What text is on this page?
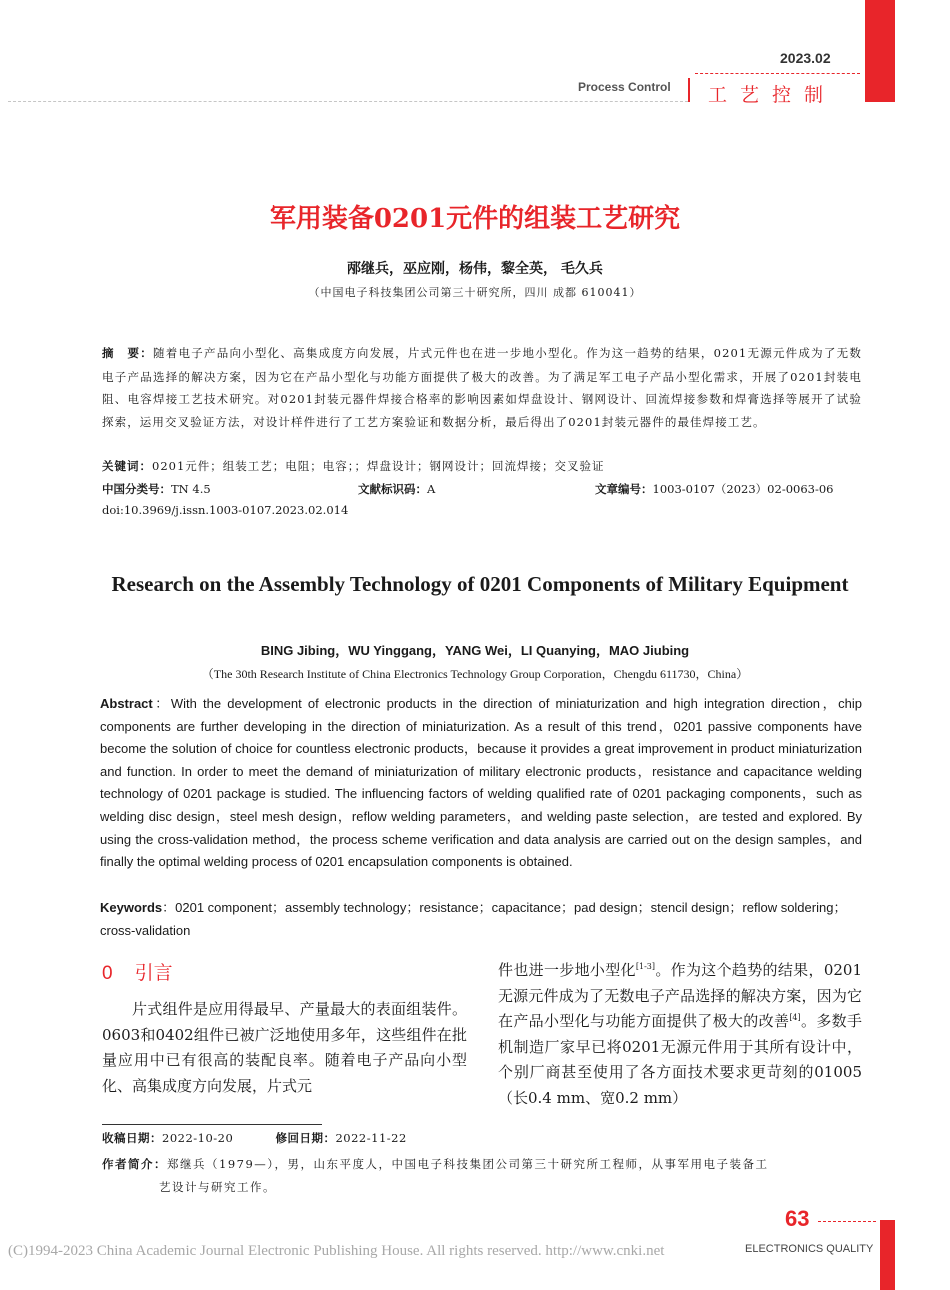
2023.02
Process Control 工艺控制
军用装备0201元件的组装工艺研究
邴继兵，巫应刚，杨伟，黎全英， 毛久兵
（中国电子科技集团公司第三十研究所，四川 成都 610041）
摘　要：随着电子产品向小型化、高集成度方向发展，片式元件也在进一步地小型化。作为这一趋势的结果，0201无源元件成为了无数电子产品选择的解决方案，因为它在产品小型化与功能方面提供了极大的改善。为了满足军工电子产品小型化需求，开展了0201封装电阻、电容焊接工艺技术研究。对0201封装元器件焊接合格率的影响因素如焊盘设计、钢网设计、回流焊接参数和焊膏选择等展开了试验探索，运用交叉验证方法，对设计样件进行了工艺方案验证和数据分析，最后得出了0201封装元器件的最佳焊接工艺。
关键词：0201元件；组装工艺；电阻；电容；；焊盘设计；钢网设计；回流焊接；交叉验证
中国分类号：TN 4.5	文献标识码：A	文章编号：1003-0107（2023）02-0063-06
doi:10.3969/j.issn.1003-0107.2023.02.014
Research on the Assembly Technology of 0201 Components of Military Equipment
BING Jibing，WU Yinggang，YANG Wei，LI Quanying，MAO Jiubing
（The 30th Research Institute of China Electronics Technology Group Corporation，Chengdu 611730，China）
Abstract：With the development of electronic products in the direction of miniaturization and high integration direction，chip components are further developing in the direction of miniaturization. As a result of this trend，0201 passive components have become the solution of choice for countless electronic products，because it provides a great improvement in product miniaturization and function. In order to meet the demand of miniaturization of military electronic products，resistance and capacitance welding technology of 0201 package is studied. The influencing factors of welding qualified rate of 0201 packaging components，such as welding disc design，steel mesh design，reflow welding parameters，and welding paste selection，are tested and explored. By using the cross-validation method，the process scheme verification and data analysis are carried out on the design samples，and finally the optimal welding process of 0201 encapsulation components is obtained.
Keywords：0201 component；assembly technology；resistance；capacitance；pad design；stencil design；reflow soldering；cross-validation
0 引言
片式组件是应用得最早、产量最大的表面组装件。0603和0402组件已被广泛地使用多年，这些组件在批量应用中已有很高的装配良率。随着电子产品向小型化、高集成度方向发展，片式元
件也进一步地小型化[1-3]。作为这个趋势的结果，0201无源元件成为了无数电子产品选择的解决方案，因为它在产品小型化与功能方面提供了极大的改善[4]。多数手机制造厂家早已将0201无源元件用于其所有设计中，个别厂商甚至使用了各方面技术要求更苛刻的01005（长0.4 mm、宽0.2 mm）
收稿日期：2022-10-20	修回日期：2022-11-22
作者简介：郑继兵（1979—），男，山东平度人，中国电子科技集团公司第三十研究所工程师，从事军用电子装备工
艺设计与研究工作。
63
(C)1994-2023 China Academic Journal Electronic Publishing House. All rights reserved. http://www.cnki.net	ELECTRONICS QUALITY
